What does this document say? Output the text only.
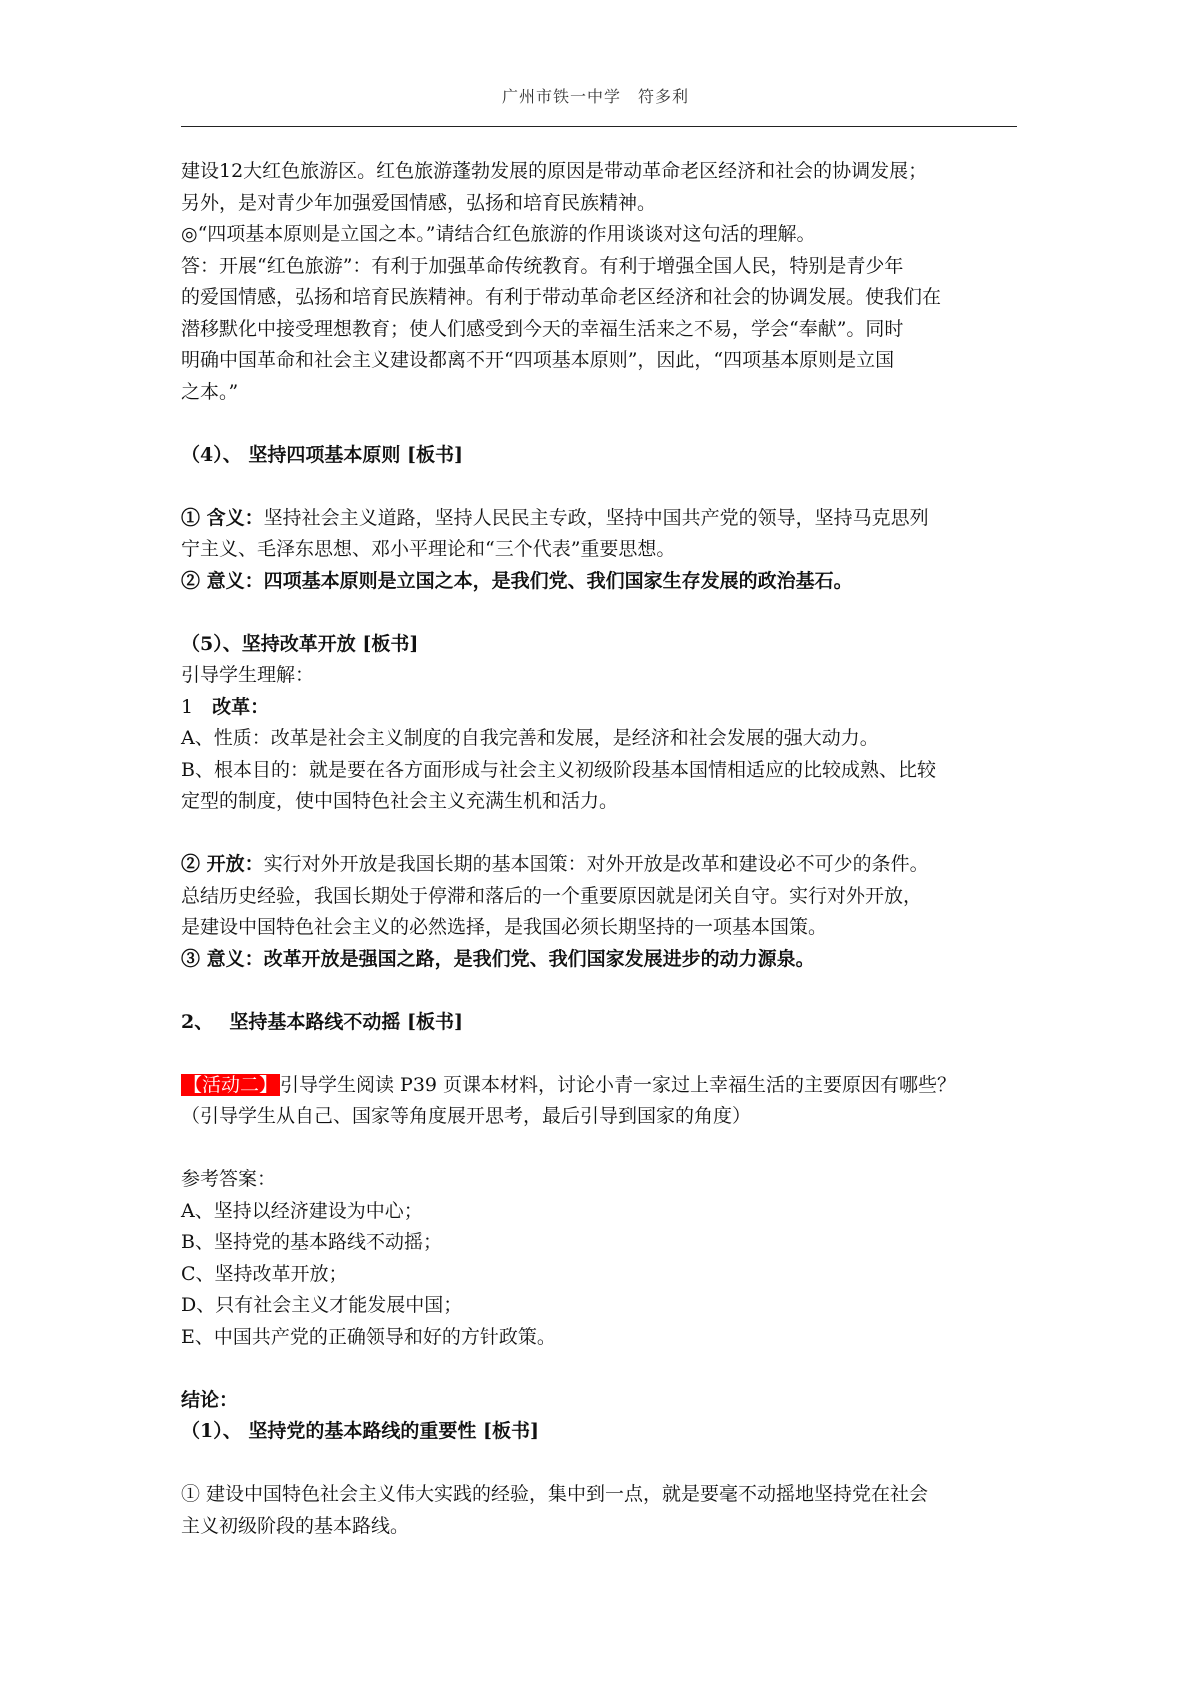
广州市铁一中学　符多利

建设12大红色旅游区。红色旅游蓬勃发展的原因是带动革命老区经济和社会的协调发展；

另外，是对青少年加强爱国情感，弘扬和培育民族精神。

◎“四项基本原则是立国之本。”请结合红色旅游的作用谈谈对这句活的理解。

答：开展“红色旅游”：有利于加强革命传统教育。有利于增强全国人民，特别是青少年

的爱国情感，弘扬和培育民族精神。有利于带动革命老区经济和社会的协调发展。使我们在

潜移默化中接受理想教育；使人们感受到今天的幸福生活来之不易，学会“奉献”。同时

明确中国革命和社会主义建设都离不开“四项基本原则”，因此，“四项基本原则是立国

之本。”

（4）、 坚持四项基本原则 [板书]

① 含义：坚持社会主义道路，坚持人民民主专政，坚持中国共产党的领导，坚持马克思列

宁主义、毛泽东思想、邓小平理论和“三个代表”重要思想。

② 意义：四项基本原则是立国之本，是我们党、我们国家生存发展的政治基石。

（5）、坚持改革开放 [板书]

引导学生理解：

1　改革：

A、性质：改革是社会主义制度的自我完善和发展，是经济和社会发展的强大动力。

B、根本目的：就是要在各方面形成与社会主义初级阶段基本国情相适应的比较成熟、比较

定型的制度，使中国特色社会主义充满生机和活力。

② 开放：实行对外开放是我国长期的基本国策：对外开放是改革和建设必不可少的条件。

总结历史经验，我国长期处于停滞和落后的一个重要原因就是闭关自守。实行对外开放，

是建设中国特色社会主义的必然选择，是我国必须长期坚持的一项基本国策。

③ 意义：改革开放是强国之路，是我们党、我们国家发展进步的动力源泉。

2、　 坚持基本路线不动摇 [板书]

【活动二】 引导学生阅读 P39 页课本材料，讨论小青一家过上幸福生活的主要原因有哪些？

（引导学生从自己、国家等角度展开思考，最后引导到国家的角度）

参考答案：

A、坚持以经济建设为中心；

B、坚持党的基本路线不动摇；

C、坚持改革开放；

D、只有社会主义才能发展中国；

E、中国共产党的正确领导和好的方针政策。

结论：

（1）、 坚持党的基本路线的重要性 [板书]

① 建设中国特色社会主义伟大实践的经验，集中到一点，就是要毫不动摇地坚持党在社会

主义初级阶段的基本路线。
